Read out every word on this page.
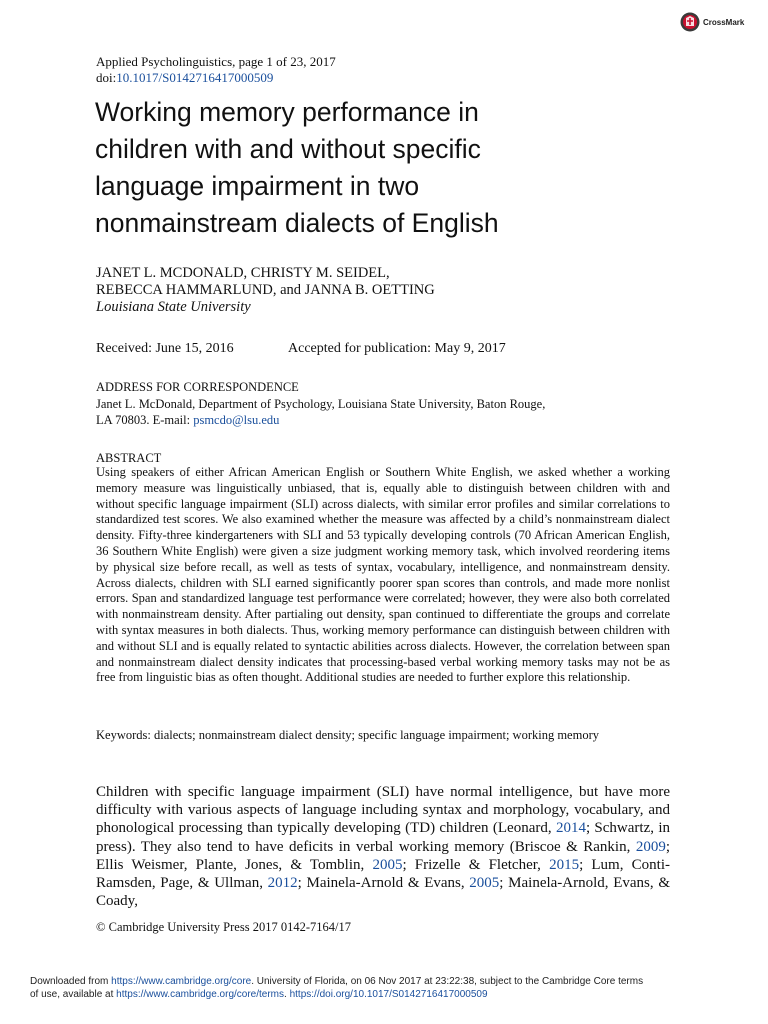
CrossMark
Applied Psycholinguistics, page 1 of 23, 2017
doi:10.1017/S0142716417000509
Working memory performance in
children with and without specific
language impairment in two
nonmainstream dialects of English
JANET L. MCDONALD, CHRISTY M. SEIDEL,
REBECCA HAMMARLUND, and JANNA B. OETTING
Louisiana State University
Received: June 15, 2016	Accepted for publication: May 9, 2017
ADDRESS FOR CORRESPONDENCE
Janet L. McDonald, Department of Psychology, Louisiana State University, Baton Rouge,
LA 70803. E-mail: psmcdo@lsu.edu
ABSTRACT
Using speakers of either African American English or Southern White English, we asked whether a working memory measure was linguistically unbiased, that is, equally able to distinguish between children with and without specific language impairment (SLI) across dialects, with similar error profiles and similar correlations to standardized test scores. We also examined whether the measure was affected by a child’s nonmainstream dialect density. Fifty-three kindergarteners with SLI and 53 typically developing controls (70 African American English, 36 Southern White English) were given a size judgment working memory task, which involved reordering items by physical size before recall, as well as tests of syntax, vocabulary, intelligence, and nonmainstream density. Across dialects, children with SLI earned significantly poorer span scores than controls, and made more nonlist errors. Span and standardized language test performance were correlated; however, they were also both correlated with nonmainstream density. After partialing out density, span continued to differentiate the groups and correlate with syntax measures in both dialects. Thus, working memory performance can distinguish between children with and without SLI and is equally related to syntactic abilities across dialects. However, the correlation between span and nonmainstream dialect density indicates that processing-based verbal working memory tasks may not be as free from linguistic bias as often thought. Additional studies are needed to further explore this relationship.
Keywords: dialects; nonmainstream dialect density; specific language impairment; working memory
Children with specific language impairment (SLI) have normal intelligence, but have more difficulty with various aspects of language including syntax and morphology, vocabulary, and phonological processing than typically developing (TD) children (Leonard, 2014; Schwartz, in press). They also tend to have deficits in verbal working memory (Briscoe & Rankin, 2009; Ellis Weismer, Plante, Jones, & Tomblin, 2005; Frizelle & Fletcher, 2015; Lum, Conti-Ramsden, Page, & Ullman, 2012; Mainela-Arnold & Evans, 2005; Mainela-Arnold, Evans, & Coady,
© Cambridge University Press 2017 0142-7164/17
Downloaded from https://www.cambridge.org/core. University of Florida, on 06 Nov 2017 at 23:22:38, subject to the Cambridge Core terms
of use, available at https://www.cambridge.org/core/terms. https://doi.org/10.1017/S0142716417000509
